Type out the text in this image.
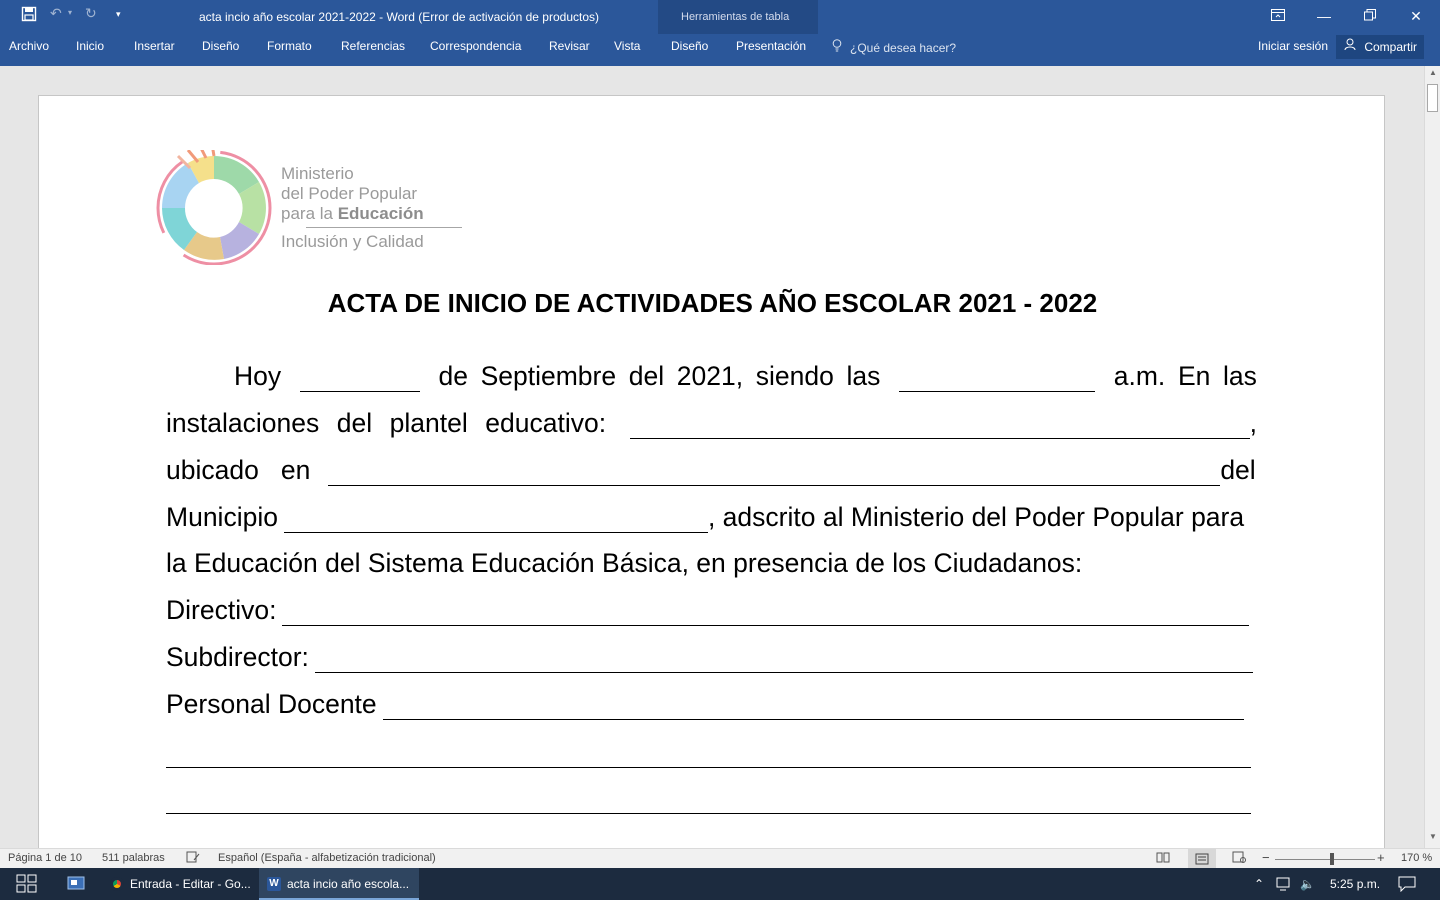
↶ ▾ ↻ ▾	acta incio año escolar 2021-2022 - Word (Error de activación de productos)	Herramientas de tabla	—	✕
Archivo Inicio Insertar Diseño Formato Referencias Correspondencia Revisar Vista	Diseño Presentación	¿Qué desea hacer?	Iniciar sesión	Compartir
Ministerio
del Poder Popular
para la Educación
Inclusión y Calidad
ACTA DE INICIO DE ACTIVIDADES AÑO ESCOLAR 2021 - 2022
Hoy	de Septiembre del 2021, siendo las	a.m. En las
instalaciones del plantel educativo:	,
ubicado en	del
Municipio	, adscrito al Ministerio del Poder Popular para
la Educación del Sistema Educación Básica, en presencia de los Ciudadanos:
Directivo:
Subdirector:
Personal Docente
▲
▼
Página 1 de 10 511 palabras	Español (España - alfabetización tradicional)	−	+ 170 %
Entrada - Editar - Go...	W acta incio año escola...	⌃	🔈 5:25 p.m.
